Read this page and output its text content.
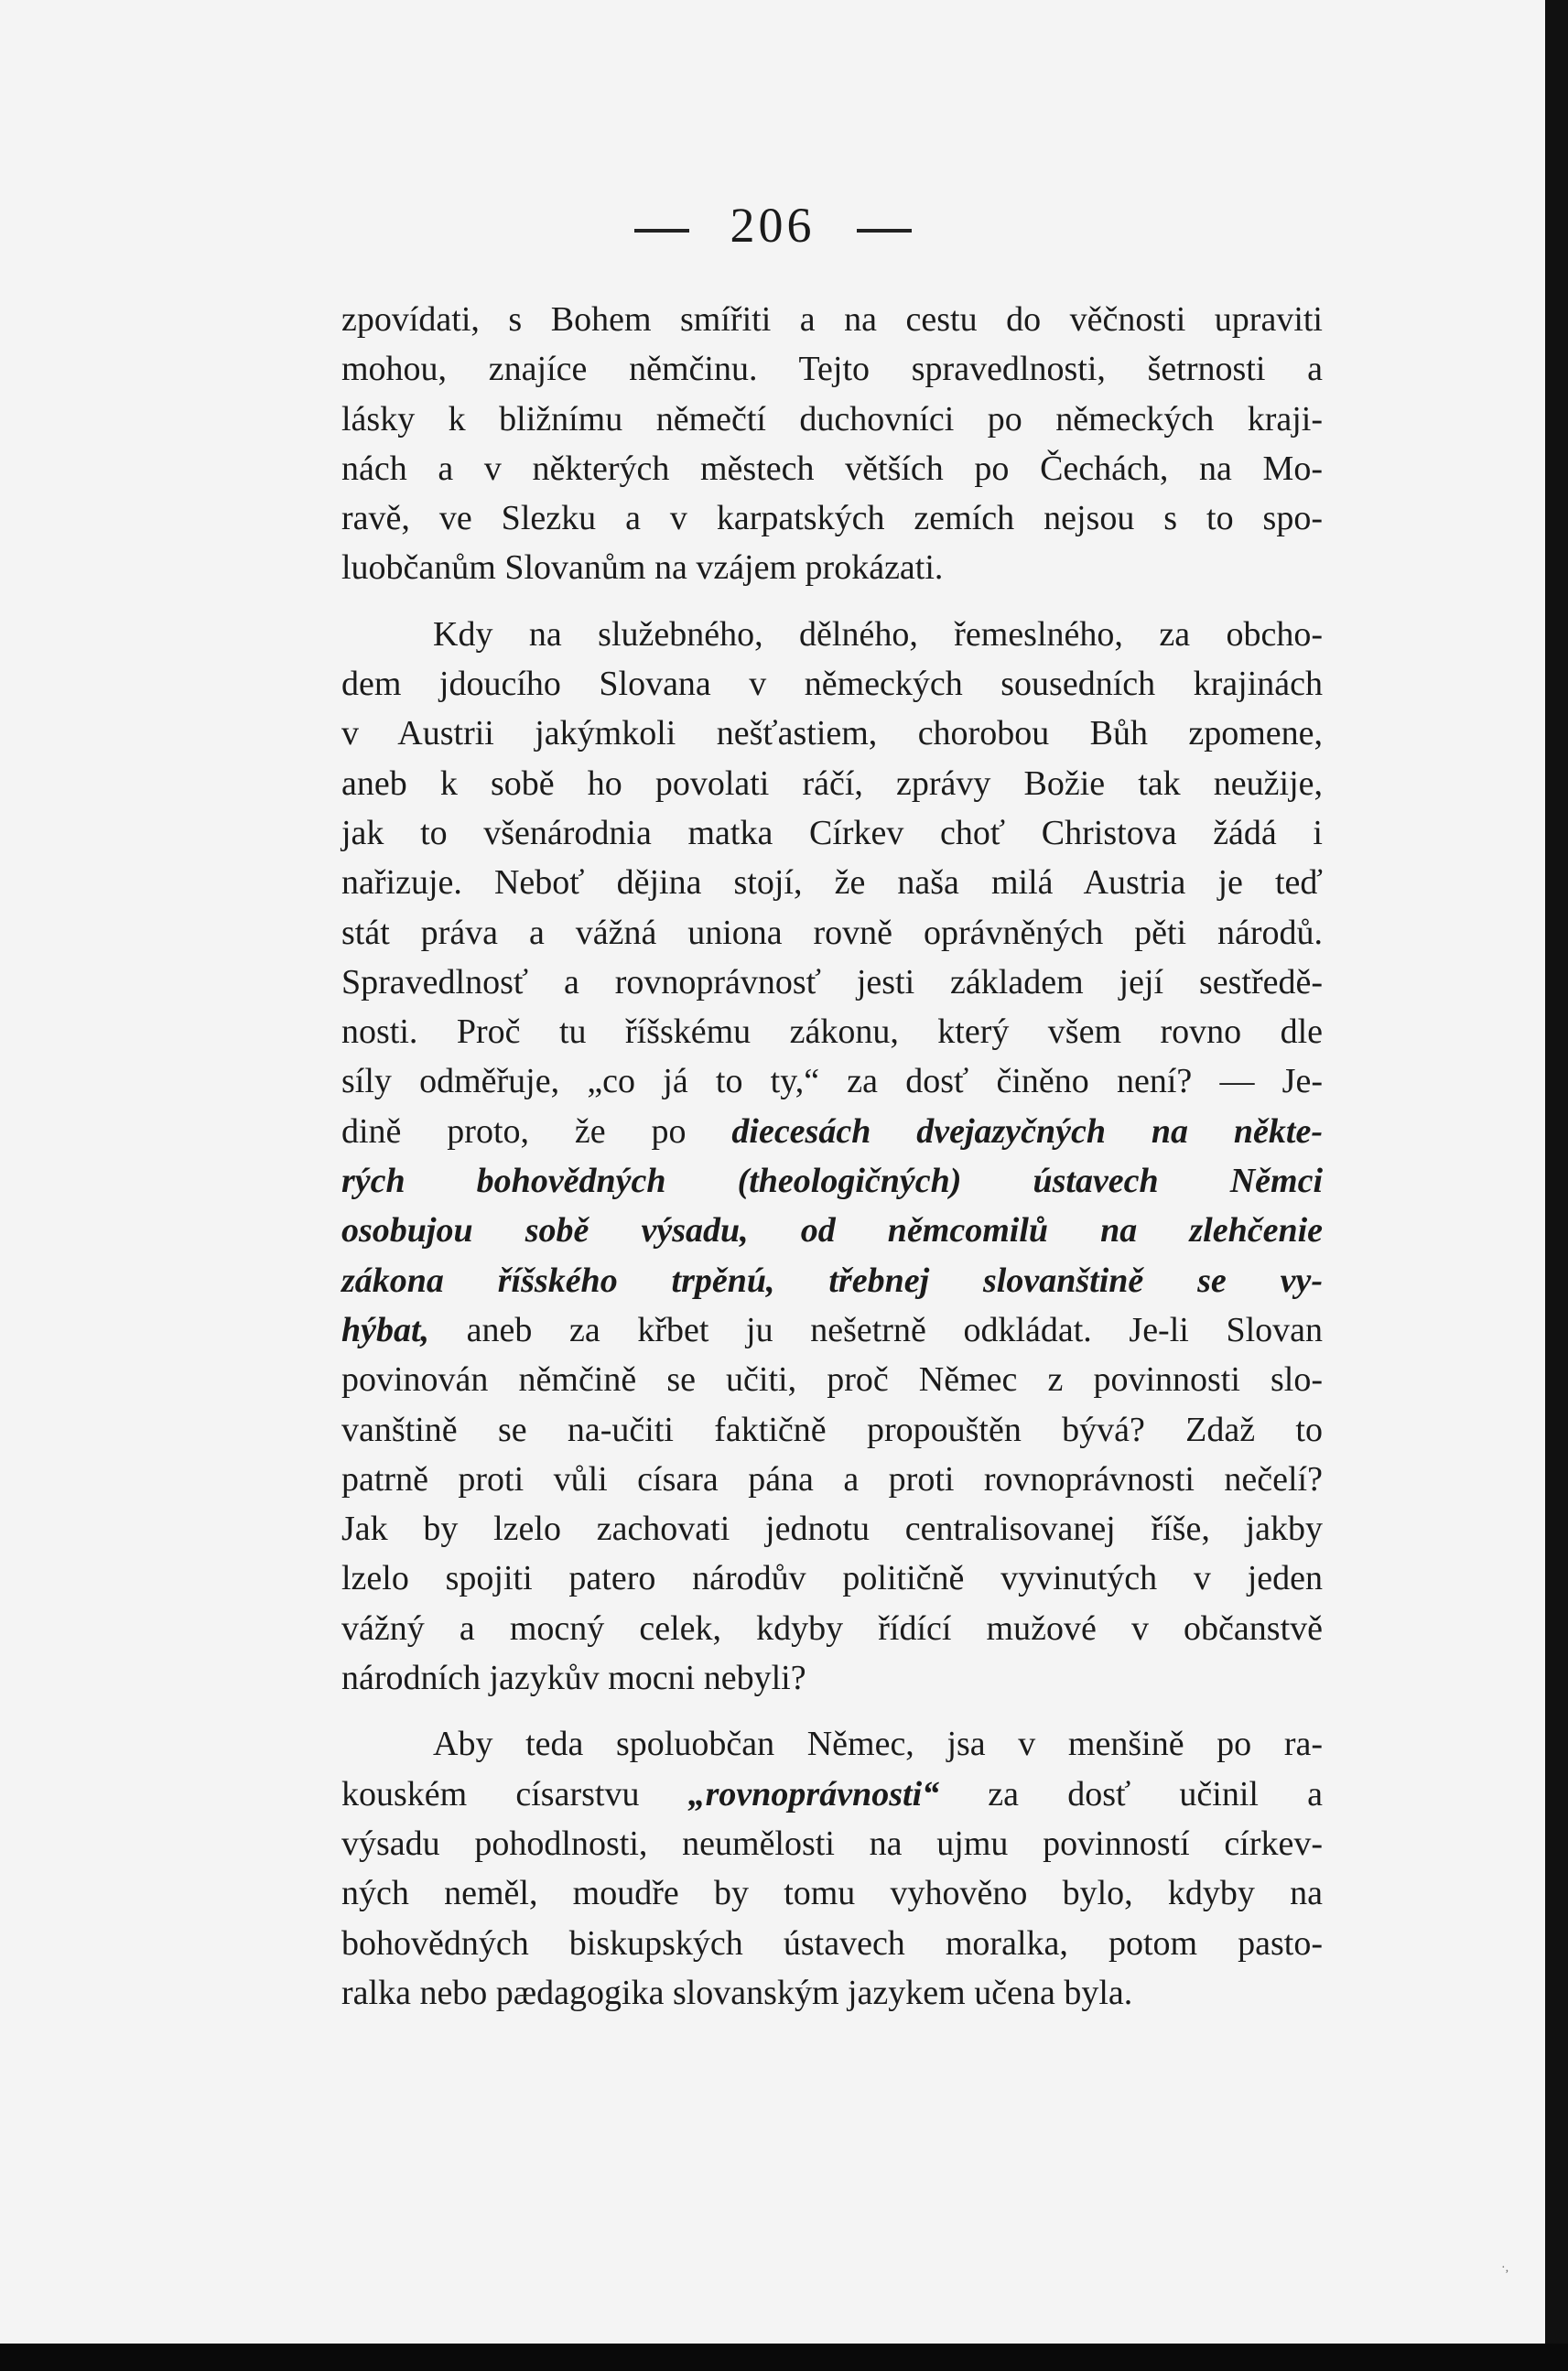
206
zpovídati, s Bohem smířiti a na cestu do věčnosti upraviti
mohou, znajíce němčinu. Tejto spravedlnosti, šetrnosti a
lásky k bližnímu němečtí duchovníci po německých kraji-
nách a v některých městech větších po Čechách, na Mo-
ravě, ve Slezku a v karpatských zemích nejsou s to spo-
luobčanům Slovanům na vzájem prokázati.
Kdy na služebného, dělného, řemeslného, za obcho-
dem jdoucího Slovana v německých sousedních krajinách
v Austrii jakýmkoli nešťastiem, chorobou Bůh zpomene,
aneb k sobě ho povolati ráčí, zprávy Božie tak neužije,
jak to všenárodnia matka Církev choť Christova žádá i
nařizuje. Neboť dějina stojí, že naša milá Austria je teď
stát práva a vážná uniona rovně oprávněných pěti národů.
Spravedlnosť a rovnoprávnosť jesti základem její sestředě-
nosti. Proč tu říšskému zákonu, který všem rovno dle
síly odměřuje, „co já to ty,“ za dosť činěno není? — Je-
dině proto, že po diecesách dvejazyčných na někte-
rých bohovědných (theologičných) ústavech Němci
osobujou sobě výsadu, od němcomilů na zlehčenie
zákona říšského trpěnú, třebnej slovanštině se vy-
hýbat, aneb za křbet ju nešetrně odkládat. Je-li Slovan
povinován němčině se učiti, proč Němec z povinnosti slo-
vanštině se na-učiti faktičně propouštěn bývá? Zdaž to
patrně proti vůli císara pána a proti rovnoprávnosti nečelí?
Jak by lzelo zachovati jednotu centralisovanej říše, jakby
lzelo spojiti patero národův političně vyvinutých v jeden
vážný a mocný celek, kdyby řídící mužové v občanstvě
národních jazykův mocni nebyli?
Aby teda spoluobčan Němec, jsa v menšině po ra-
kouském císarstvu „rovnoprávnosti“ za dosť učinil a
výsadu pohodlnosti, neumělosti na ujmu povinností církev-
ných neměl, moudře by tomu vyhověno bylo, kdyby na
bohovědných biskupských ústavech moralka, potom pasto-
ralka nebo pædagogika slovanským jazykem učena byla.
·,
